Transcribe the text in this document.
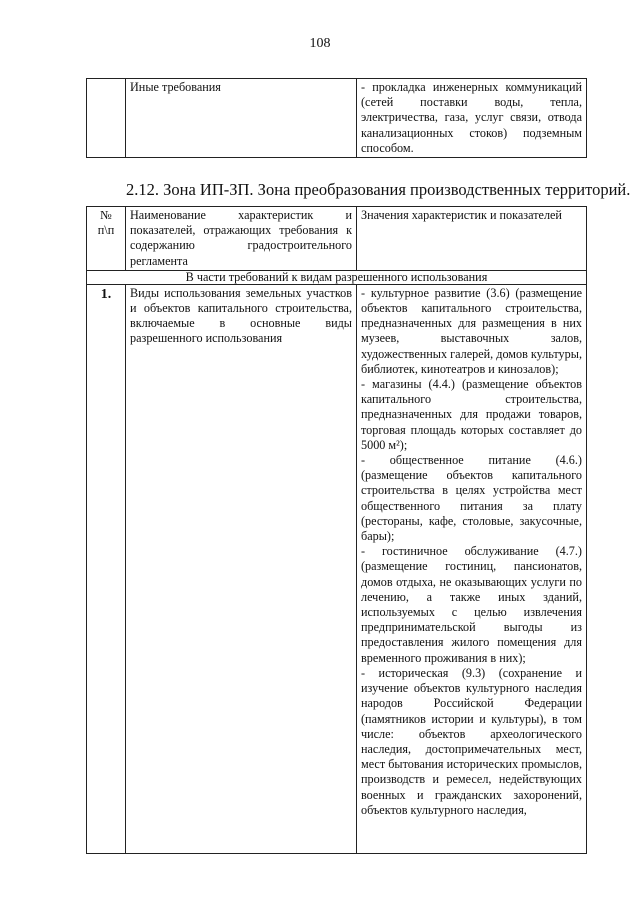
108
	Иные требования	- прокладка инженерных коммуникаций (сетей поставки воды, тепла, электричества, газа, услуг связи, отвода канализационных стоков) подземным способом.
2.12. Зона ИП-ЗП. Зона преобразования производственных территорий.
№ п\п	Наименование характеристик и показателей, отражающих требования к содержанию градостроительного регламента	Значения характеристик и показателей
В части требований к видам разрешенного использования		
1.	Виды использования земельных участков и объектов капитального строительства, включаемые в основные виды разрешенного использования	- культурное развитие (3.6) (размещение объектов капитального строительства, предназначенных для размещения в них музеев, выставочных залов, художественных галерей, домов культуры, библиотек, кинотеатров и кинозалов);
- магазины (4.4.) (размещение объектов капитального строительства, предназначенных для продажи товаров, торговая площадь которых составляет до 5000 м²);
- общественное питание (4.6.) (размещение объектов капитального строительства в целях устройства мест общественного питания за плату (рестораны, кафе, столовые, закусочные, бары);
- гостиничное обслуживание (4.7.) (размещение гостиниц, пансионатов, домов отдыха, не оказывающих услуги по лечению, а также иных зданий, используемых с целью извлечения предпринимательской выгоды из предоставления жилого помещения для временного проживания в них);
- историческая (9.3) (сохранение и изучение объектов культурного наследия народов Российской Федерации (памятников истории и культуры), в том числе: объектов археологического наследия, достопримечательных мест, мест бытования исторических промыслов, производств и ремесел, недействующих военных и гражданских захоронений, объектов культурного наследия,
